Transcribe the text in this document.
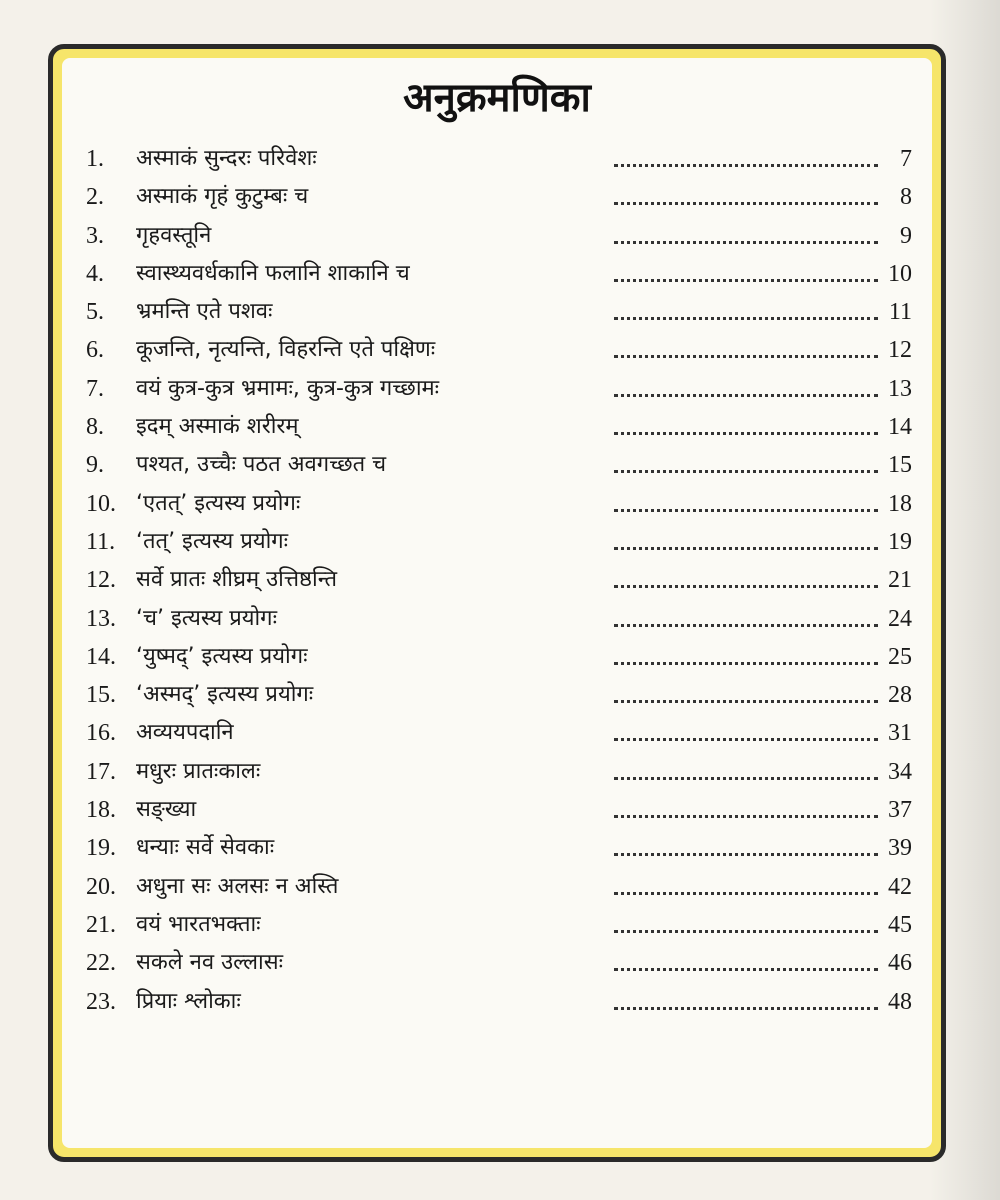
अनुक्रमणिका
1. अस्माकं सुन्दरः परिवेशः	7
2. अस्माकं गृहं कुटुम्बः च	8
3. गृहवस्तूनि	9
4. स्वास्थ्यवर्धकानि फलानि शाकानि च	10
5. भ्रमन्ति एते पशवः	11
6. कूजन्ति, नृत्यन्ति, विहरन्ति एते पक्षिणः	12
7. वयं कुत्र-कुत्र भ्रमामः, कुत्र-कुत्र गच्छामः	13
8. इदम् अस्माकं शरीरम्	14
9. पश्यत, उच्चैः पठत अवगच्छत च	15
10. ‘एतत्’ इत्यस्य प्रयोगः	18
11. ‘तत्’ इत्यस्य प्रयोगः	19
12. सर्वे प्रातः शीघ्रम् उत्तिष्ठन्ति	21
13. ‘च’ इत्यस्य प्रयोगः	24
14. ‘युष्मद्’ इत्यस्य प्रयोगः	25
15. ‘अस्मद्’ इत्यस्य प्रयोगः	28
16. अव्ययपदानि	31
17. मधुरः प्रातःकालः	34
18. सङ्ख्या	37
19. धन्याः सर्वे सेवकाः	39
20. अधुना सः अलसः न अस्ति	42
21. वयं भारतभक्ताः	45
22. सकले नव उल्लासः	46
23. प्रियाः श्लोकाः	48
